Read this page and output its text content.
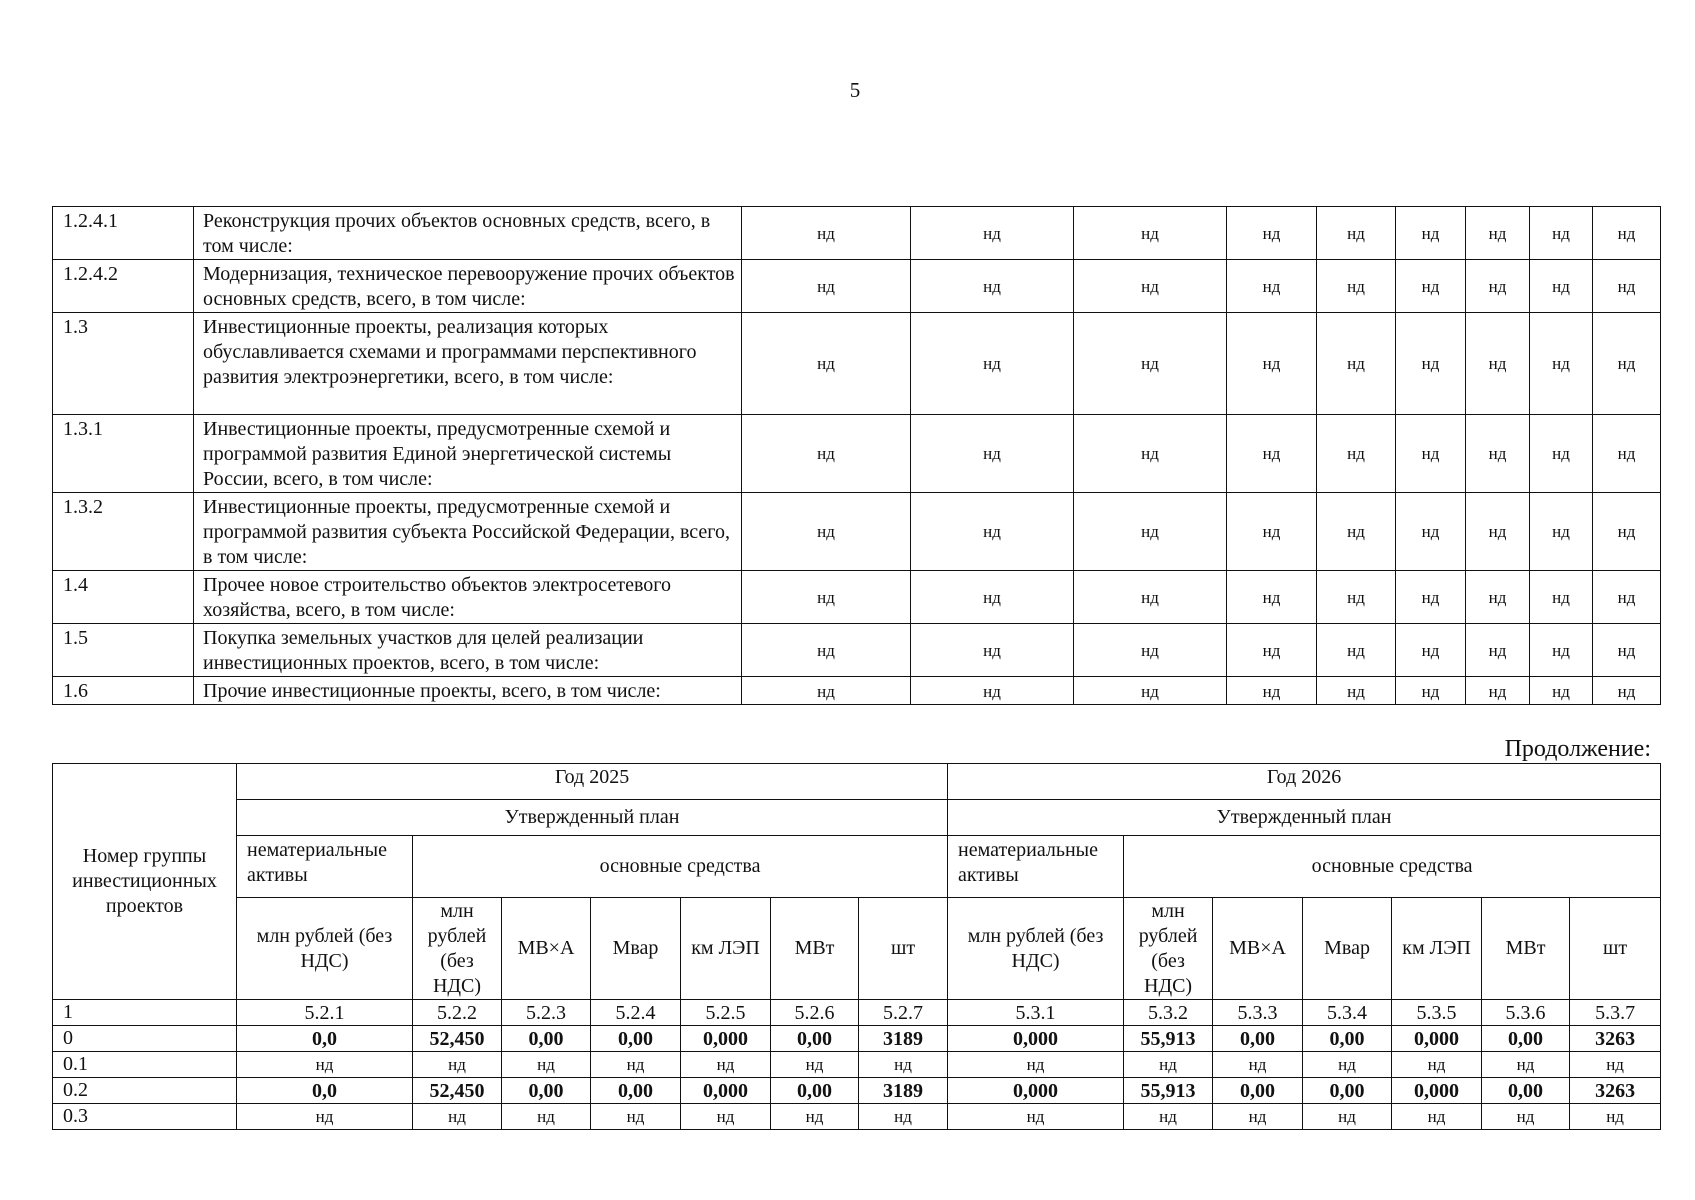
5
1.2.4.1	Реконструкция прочих объектов основных средств, всего, в том числе:	нд	нд	нд	нд	нд	нд	нд	нд	нд
1.2.4.2	Модернизация, техническое перевооружение прочих объектов основных средств, всего, в том числе:	нд	нд	нд	нд	нд	нд	нд	нд	нд
1.3	Инвестиционные проекты, реализация которых обуславливается схемами и программами перспективного развития электроэнергетики, всего, в том числе:	нд	нд	нд	нд	нд	нд	нд	нд	нд
1.3.1	Инвестиционные проекты, предусмотренные схемой и программой развития Единой энергетической системы России, всего, в том числе:	нд	нд	нд	нд	нд	нд	нд	нд	нд
1.3.2	Инвестиционные проекты, предусмотренные схемой и программой развития субъекта Российской Федерации, всего, в том числе:	нд	нд	нд	нд	нд	нд	нд	нд	нд
1.4	Прочее новое строительство объектов электросетевого хозяйства, всего, в том числе:	нд	нд	нд	нд	нд	нд	нд	нд	нд
1.5	Покупка земельных участков для целей реализации инвестиционных проектов, всего, в том числе:	нд	нд	нд	нд	нд	нд	нд	нд	нд
1.6	Прочие инвестиционные проекты, всего, в том числе:	нд	нд	нд	нд	нд	нд	нд	нд	нд
Продолжение:
Номер группы инвестиционных проектов	Год 2025							Год 2026						
	Утвержденный план							Утвержденный план						
	нематериальные активы	основные средства						нематериальные активы	основные средства					
	млн рублей (без НДС)	млн рублей (без НДС)	МВ×А	Мвар	км ЛЭП	МВт	шт	млн рублей (без НДС)	млн рублей (без НДС)	МВ×А	Мвар	км ЛЭП	МВт	шт

1	5.2.1	5.2.2	5.2.3	5.2.4	5.2.5	5.2.6	5.2.7	5.3.1	5.3.2	5.3.3	5.3.4	5.3.5	5.3.6	5.3.7
0	0,0	52,450	0,00	0,00	0,000	0,00	3189	0,000	55,913	0,00	0,00	0,000	0,00	3263
0.1	нд	нд	нд	нд	нд	нд	нд	нд	нд	нд	нд	нд	нд	нд
0.2	0,0	52,450	0,00	0,00	0,000	0,00	3189	0,000	55,913	0,00	0,00	0,000	0,00	3263
0.3	нд	нд	нд	нд	нд	нд	нд	нд	нд	нд	нд	нд	нд	нд
